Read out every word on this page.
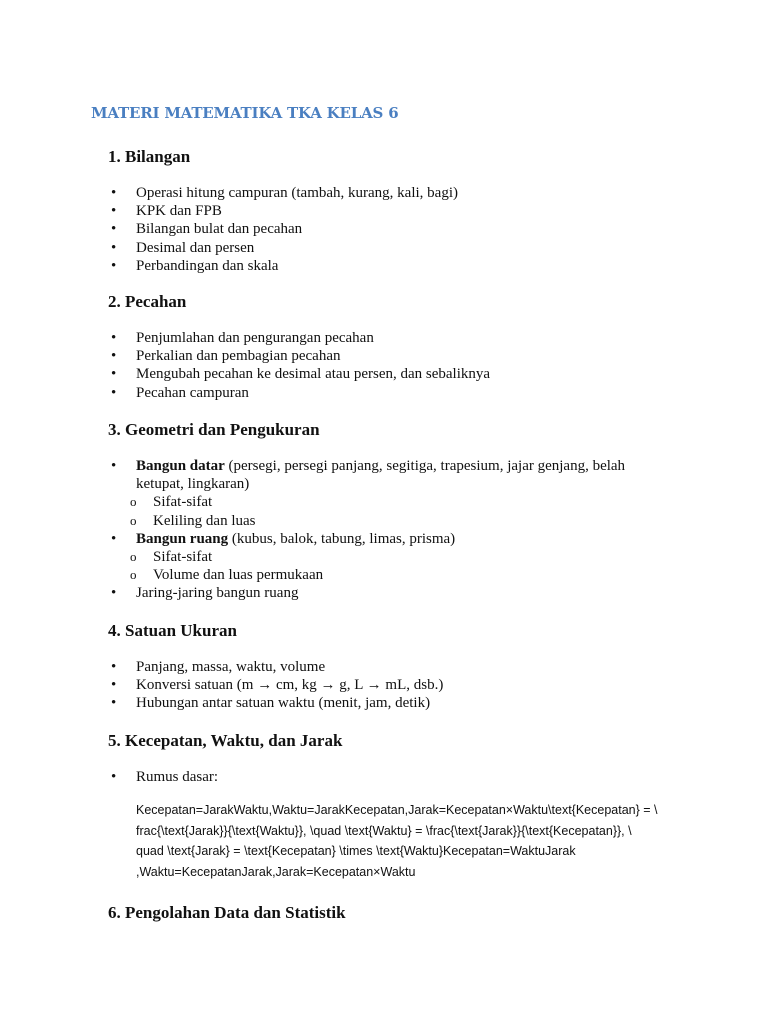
MATERI MATEMATIKA TKA KELAS 6
1. Bilangan
• Operasi hitung campuran (tambah, kurang, kali, bagi)
• KPK dan FPB
• Bilangan bulat dan pecahan
• Desimal dan persen
• Perbandingan dan skala
2. Pecahan
• Penjumlahan dan pengurangan pecahan
• Perkalian dan pembagian pecahan
• Mengubah pecahan ke desimal atau persen, dan sebaliknya
• Pecahan campuran
3. Geometri dan Pengukuran
• Bangun datar (persegi, persegi panjang, segitiga, trapesium, jajar genjang, belah ketupat, lingkaran)
o Sifat-sifat
o Keliling dan luas
• Bangun ruang (kubus, balok, tabung, limas, prisma)
o Sifat-sifat
o Volume dan luas permukaan
• Jaring-jaring bangun ruang
4. Satuan Ukuran
• Panjang, massa, waktu, volume
• Konversi satuan (m → cm, kg → g, L → mL, dsb.)
• Hubungan antar satuan waktu (menit, jam, detik)
5. Kecepatan, Waktu, dan Jarak
• Rumus dasar:
Kecepatan=JarakWaktu,Waktu=JarakKecepatan,Jarak=Kecepatan×Waktu\text{Kecepatan} = \
frac{\text{Jarak}}{\text{Waktu}}, \quad \text{Waktu} = \frac{\text{Jarak}}{\text{Kecepatan}}, \
quad \text{Jarak} = \text{Kecepatan} \times \text{Waktu}Kecepatan=WaktuJarak
,Waktu=KecepatanJarak,Jarak=Kecepatan×Waktu
6. Pengolahan Data dan Statistik
